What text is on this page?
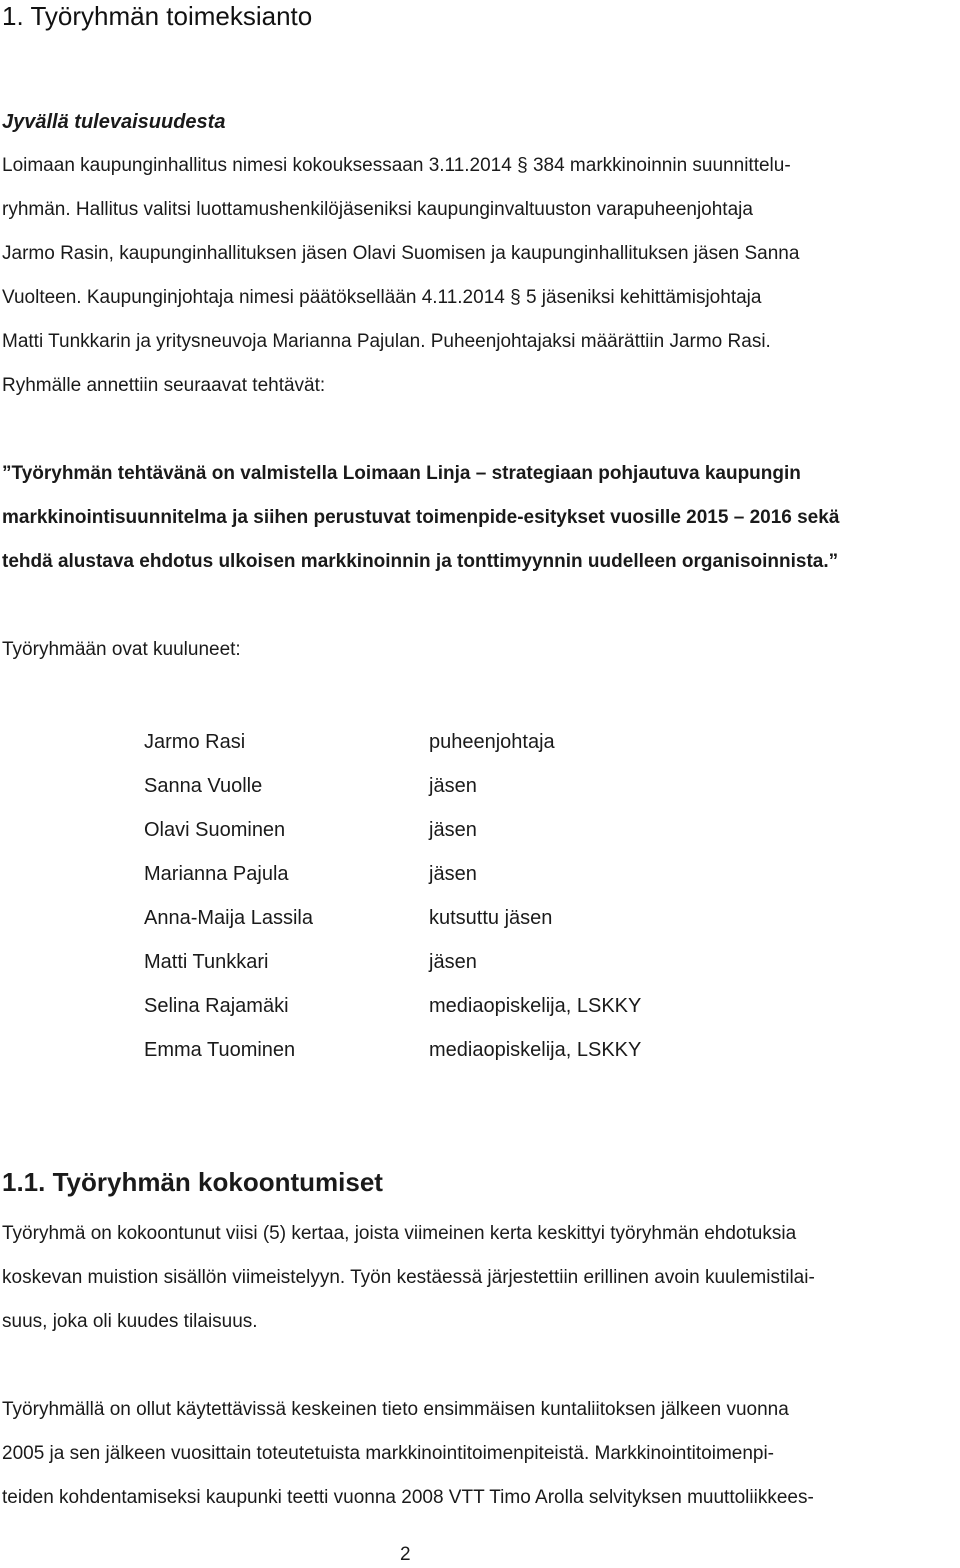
1. Työryhmän toimeksianto
Jyvällä tulevaisuudesta
Loimaan kaupunginhallitus nimesi kokouksessaan 3.11.2014 § 384 markkinoinnin suunnittelu-
ryhmän. Hallitus valitsi luottamushenkilöjäseniksi kaupunginvaltuuston varapuheenjohtaja
Jarmo Rasin, kaupunginhallituksen jäsen Olavi Suomisen ja kaupunginhallituksen jäsen Sanna
Vuolteen. Kaupunginjohtaja nimesi päätöksellään 4.11.2014 § 5 jäseniksi kehittämisjohtaja
Matti Tunkkarin ja yritysneuvoja Marianna Pajulan. Puheenjohtajaksi määrättiin Jarmo Rasi.
Ryhmälle annettiin seuraavat tehtävät:
”Työryhmän tehtävänä on valmistella Loimaan Linja – strategiaan pohjautuva kaupungin
markkinointisuunnitelma ja siihen perustuvat toimenpide-esitykset vuosille 2015 – 2016 sekä
tehdä alustava ehdotus ulkoisen markkinoinnin ja tonttimyynnin uudelleen organisoinnista.”
Työryhmään ovat kuuluneet:
Jarmo Rasi	puheenjohtaja
Sanna Vuolle	jäsen
Olavi Suominen	jäsen
Marianna Pajula	jäsen
Anna-Maija Lassila	kutsuttu jäsen
Matti Tunkkari	jäsen
Selina Rajamäki	mediaopiskelija, LSKKY
Emma Tuominen	mediaopiskelija, LSKKY
1.1. Työryhmän kokoontumiset
Työryhmä on kokoontunut viisi (5) kertaa, joista viimeinen kerta keskittyi työryhmän ehdotuksia
koskevan muistion sisällön viimeistelyyn. Työn kestäessä järjestettiin erillinen avoin kuulemistilai-
suus, joka oli kuudes tilaisuus.
Työryhmällä on ollut käytettävissä keskeinen tieto ensimmäisen kuntaliitoksen jälkeen vuonna
2005 ja sen jälkeen vuosittain toteutetuista markkinointitoimenpiteistä. Markkinointitoimenpi-
teiden kohdentamiseksi kaupunki teetti vuonna 2008 VTT Timo Arolla selvityksen muuttoliikkees-
2
